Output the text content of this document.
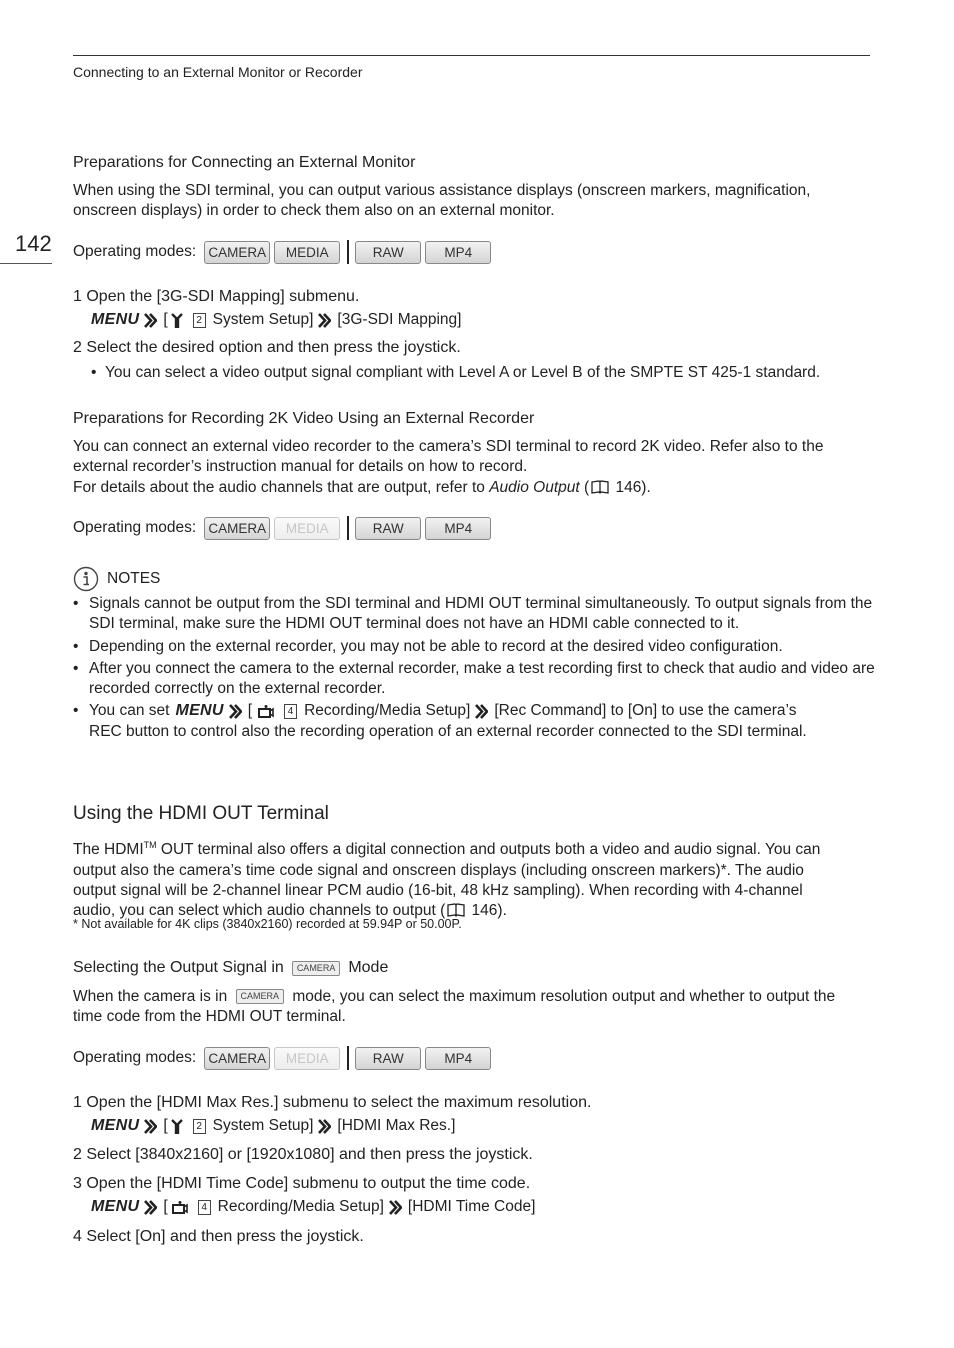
Connecting to an External Monitor or Recorder
142
Preparations for Connecting an External Monitor
When using the SDI terminal, you can output various assistance displays (onscreen markers, magnification, onscreen displays) in order to check them also on an external monitor.
Operating modes: CAMERA	MEDIA	RAW	MP4
1 Open the [3G-SDI Mapping] submenu.
MENU [	2 System Setup] [3G-SDI Mapping]
2 Select the desired option and then press the joystick.
• You can select a video output signal compliant with Level A or Level B of the SMPTE ST 425-1 standard.
Preparations for Recording 2K Video Using an External Recorder
You can connect an external video recorder to the camera’s SDI terminal to record 2K video. Refer also to the external recorder’s instruction manual for details on how to record.
For details about the audio channels that are output, refer to Audio Output ( 146).
Operating modes: CAMERA	MEDIA	RAW	MP4
NOTES
• Signals cannot be output from the SDI terminal and HDMI OUT terminal simultaneously. To output signals from the SDI terminal, make sure the HDMI OUT terminal does not have an HDMI cable connected to it.
• Depending on the external recorder, you may not be able to record at the desired video configuration.
• After you connect the camera to the external recorder, make a test recording first to check that audio and video are recorded correctly on the external recorder.
• You can set MENU [	4 Recording/Media Setup] [Rec Command] to [On] to use the camera’s
REC button to control also the recording operation of an external recorder connected to the SDI terminal.
Using the HDMI OUT Terminal
The HDMI™ OUT terminal also offers a digital connection and outputs both a video and audio signal. You can
output also the camera’s time code signal and onscreen displays (including onscreen markers)*. The audio
output signal will be 2-channel linear PCM audio (16-bit, 48 kHz sampling). When recording with 4-channel
audio, you can select which audio channels to output ( 146).
* Not available for 4K clips (3840x2160) recorded at 59.94P or 50.00P.
Selecting the Output Signal in	CAMERA Mode
When the camera is in CAMERA mode, you can select the maximum resolution output and whether to output the
time code from the HDMI OUT terminal.
Operating modes: CAMERA	MEDIA	RAW	MP4
1 Open the [HDMI Max Res.] submenu to select the maximum resolution.
MENU [	2 System Setup] [HDMI Max Res.]
2 Select [3840x2160] or [1920x1080] and then press the joystick.
3 Open the [HDMI Time Code] submenu to output the time code.
MENU [	4 Recording/Media Setup] [HDMI Time Code]
4 Select [On] and then press the joystick.
